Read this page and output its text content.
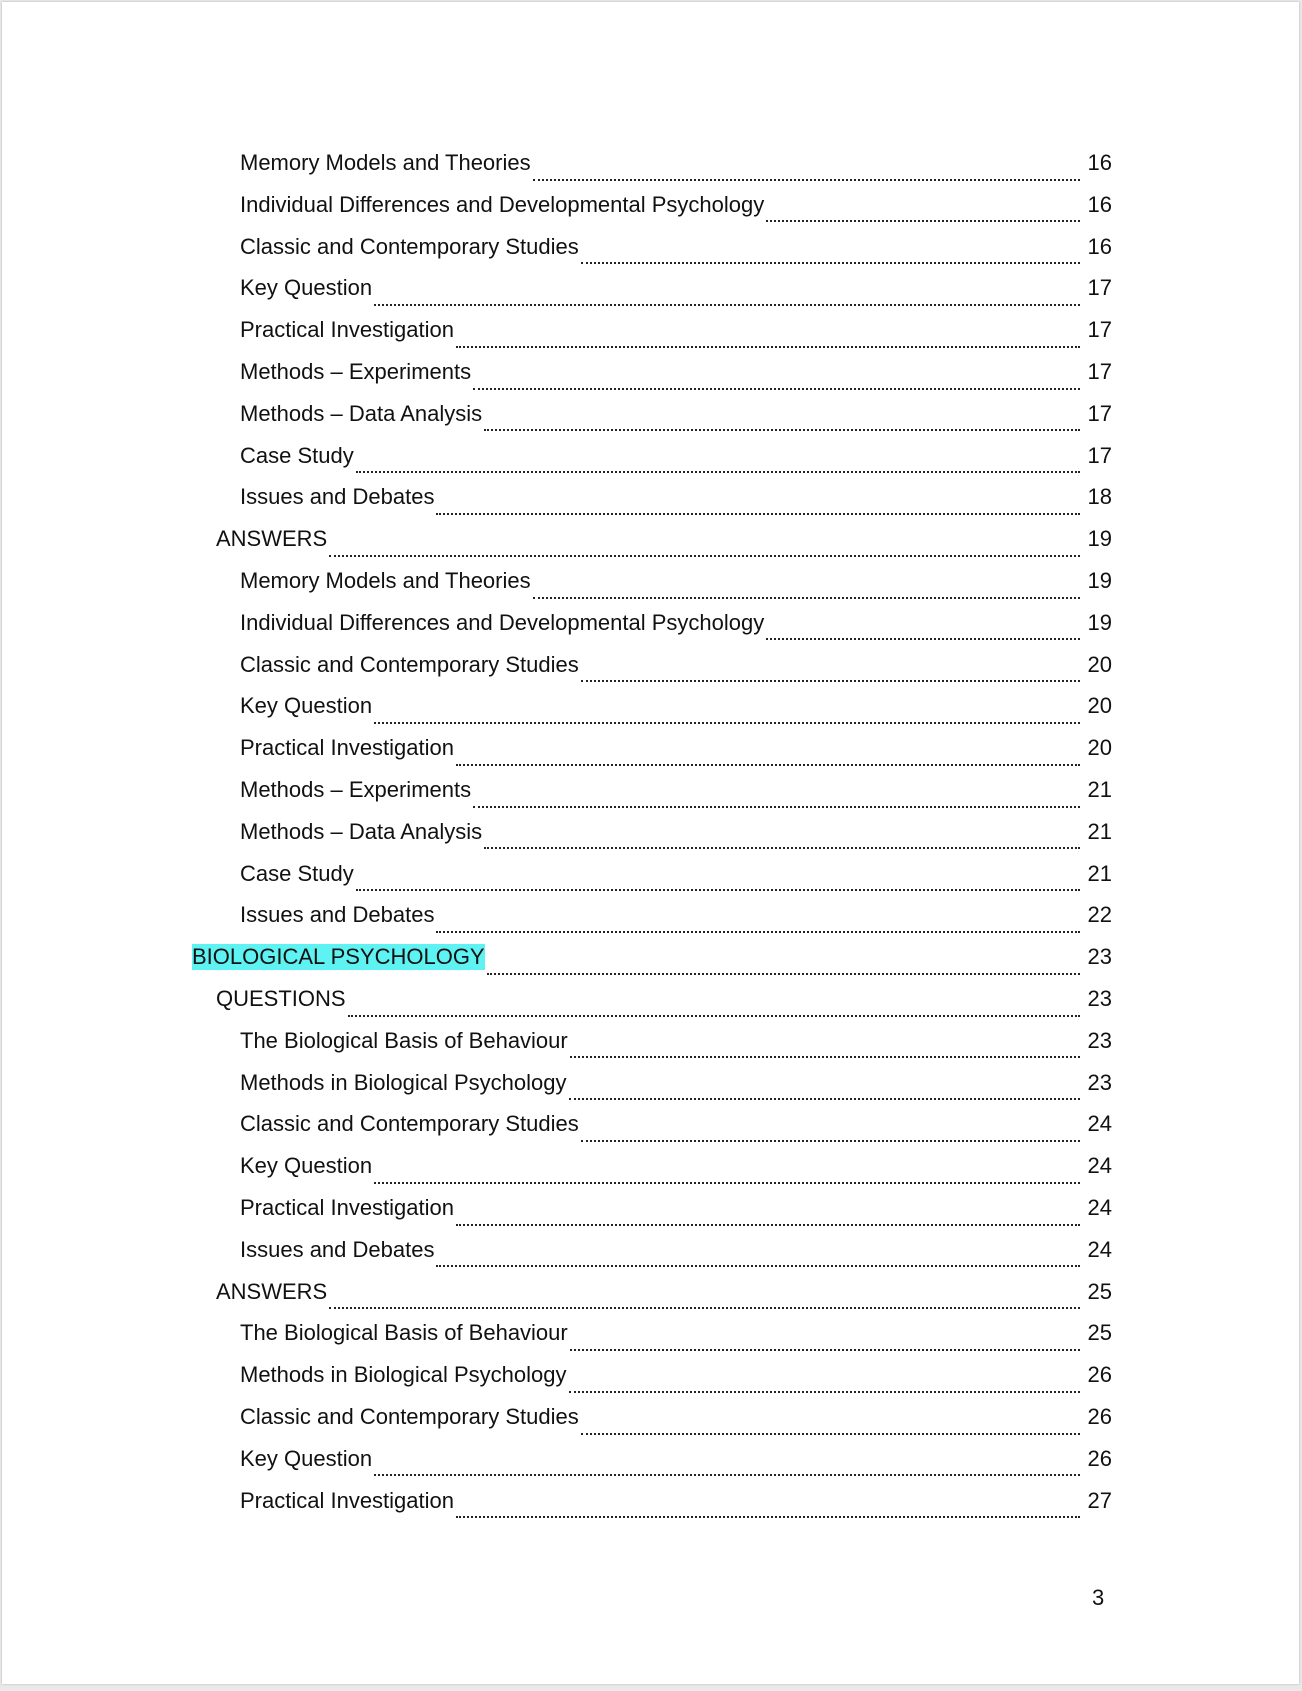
Memory Models and Theories	16
Individual Differences and Developmental Psychology	16
Classic and Contemporary Studies	16
Key Question	17
Practical Investigation	17
Methods – Experiments	17
Methods – Data Analysis	17
Case Study	17
Issues and Debates	18
ANSWERS	19
Memory Models and Theories	19
Individual Differences and Developmental Psychology	19
Classic and Contemporary Studies	20
Key Question	20
Practical Investigation	20
Methods – Experiments	21
Methods – Data Analysis	21
Case Study	21
Issues and Debates	22
BIOLOGICAL PSYCHOLOGY	23
QUESTIONS	23
The Biological Basis of Behaviour	23
Methods in Biological Psychology	23
Classic and Contemporary Studies	24
Key Question	24
Practical Investigation	24
Issues and Debates	24
ANSWERS	25
The Biological Basis of Behaviour	25
Methods in Biological Psychology	26
Classic and Contemporary Studies	26
Key Question	26
Practical Investigation	27
3
